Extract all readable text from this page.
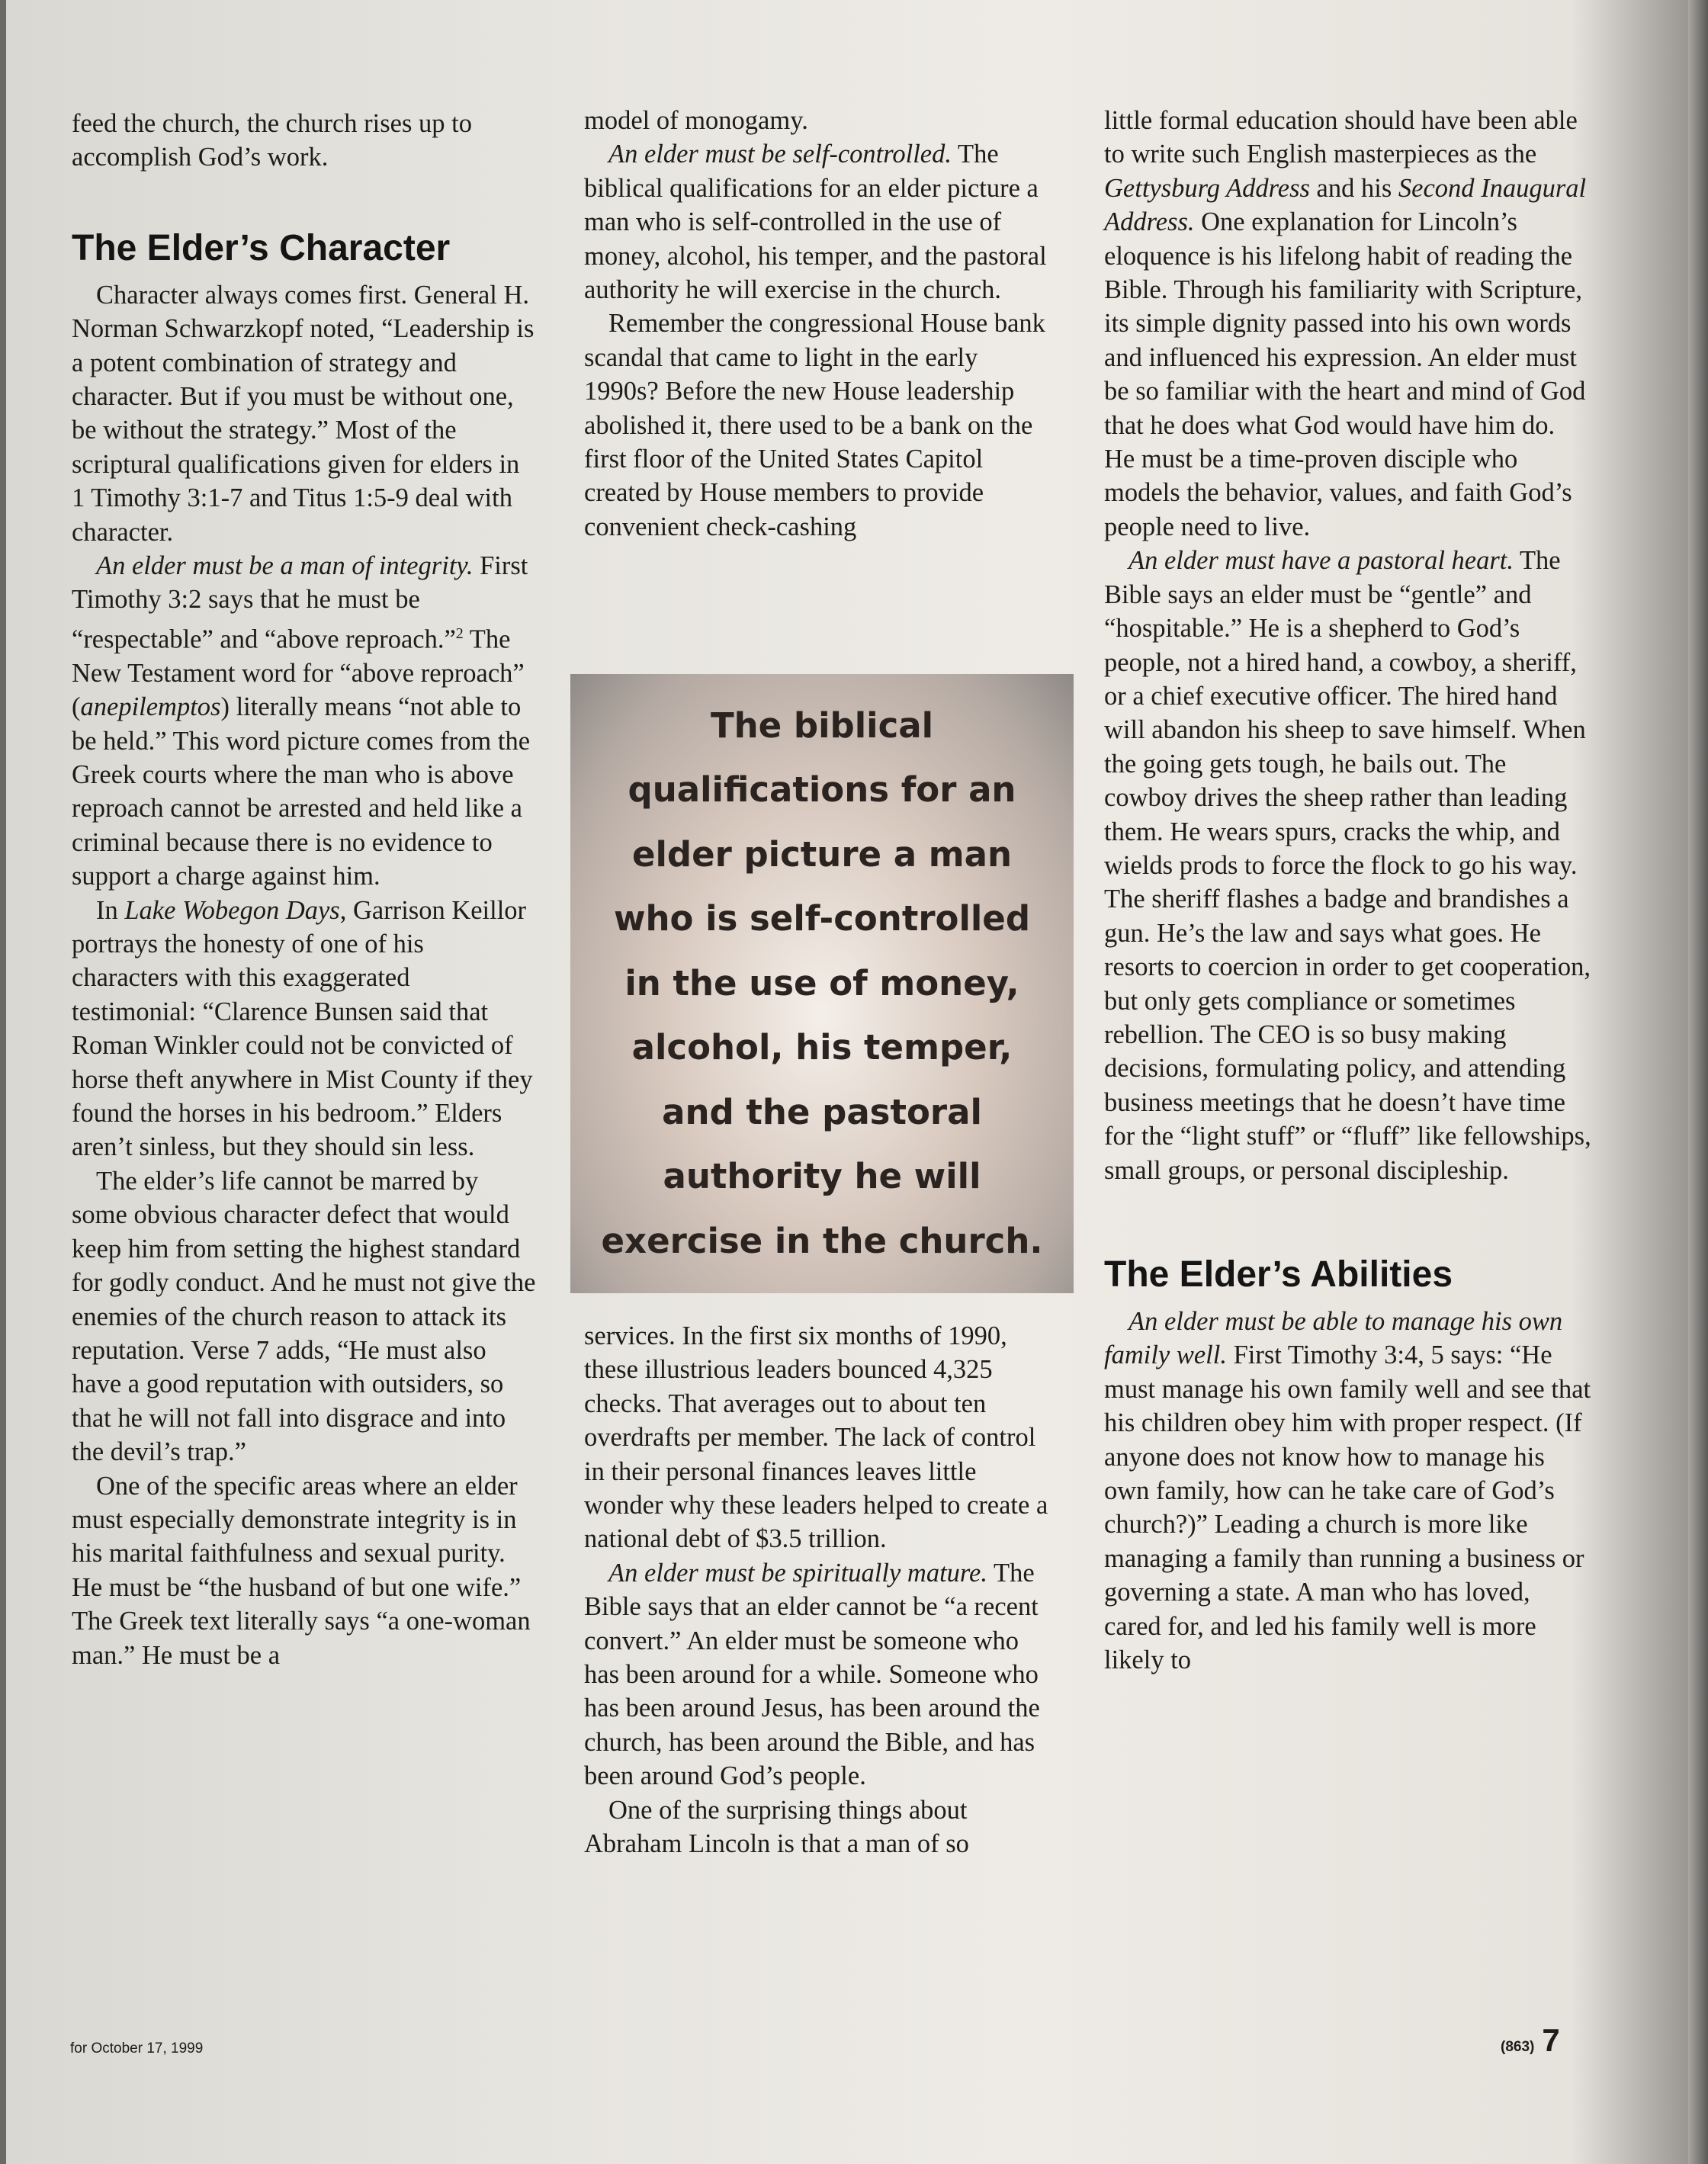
feed the church, the church rises up to accomplish God’s work.

The Elder’s Character

Character always comes first. General H. Norman Schwarzkopf noted, “Leadership is a potent combination of strategy and character. But if you must be without one, be without the strategy.” Most of the scriptural qualifications given for elders in 1 Timothy 3:1-7 and Titus 1:5-9 deal with character.

An elder must be a man of integrity. First Timothy 3:2 says that he must be “respectable” and “above reproach.”$^2$ The New Testament word for “above reproach” (anepilemptos) literally means “not able to be held.” This word picture comes from the Greek courts where the man who is above reproach cannot be arrested and held like a criminal because there is no evidence to support a charge against him.

In Lake Wobegon Days, Garrison Keillor portrays the honesty of one of his characters with this exaggerated testimonial: “Clarence Bunsen said that Roman Winkler could not be convicted of horse theft anywhere in Mist County if they found the horses in his bedroom.” Elders aren’t sinless, but they should sin less.

The elder’s life cannot be marred by some obvious character defect that would keep him from setting the highest standard for godly conduct. And he must not give the enemies of the church reason to attack its reputation. Verse 7 adds, “He must also have a good reputation with outsiders, so that he will not fall into disgrace and into the devil’s trap.”

One of the specific areas where an elder must especially demonstrate integrity is in his marital faithfulness and sexual purity. He must be “the husband of but one wife.” The Greek text literally says “a one-woman man.” He must be a

model of monogamy.

An elder must be self-controlled. The biblical qualifications for an elder picture a man who is self-controlled in the use of money, alcohol, his temper, and the pastoral authority he will exercise in the church.

Remember the congressional House bank scandal that came to light in the early 1990s? Before the new House leadership abolished it, there used to be a bank on the first floor of the United States Capitol created by House members to provide convenient check-cashing

The biblical qualifications for an elder picture a man who is self-controlled in the use of money, alcohol, his temper, and the pastoral authority he will exercise in the church.

services. In the first six months of 1990, these illustrious leaders bounced 4,325 checks. That averages out to about ten overdrafts per member. The lack of control in their personal finances leaves little wonder why these leaders helped to create a national debt of $3.5 trillion.

An elder must be spiritually mature. The Bible says that an elder cannot be “a recent convert.” An elder must be someone who has been around for a while. Someone who has been around Jesus, has been around the church, has been around the Bible, and has been around God’s people.

One of the surprising things about Abraham Lincoln is that a man of so

little formal education should have been able to write such English masterpieces as the Gettysburg Address and his Second Inaugural Address. One explanation for Lincoln’s eloquence is his lifelong habit of reading the Bible. Through his familiarity with Scripture, its simple dignity passed into his own words and influenced his expression. An elder must be so familiar with the heart and mind of God that he does what God would have him do. He must be a time-proven disciple who models the behavior, values, and faith God’s people need to live.

An elder must have a pastoral heart. The Bible says an elder must be “gentle” and “hospitable.” He is a shepherd to God’s people, not a hired hand, a cowboy, a sheriff, or a chief executive officer. The hired hand will abandon his sheep to save himself. When the going gets tough, he bails out. The cowboy drives the sheep rather than leading them. He wears spurs, cracks the whip, and wields prods to force the flock to go his way. The sheriff flashes a badge and brandishes a gun. He’s the law and says what goes. He resorts to coercion in order to get cooperation, but only gets compliance or sometimes rebellion. The CEO is so busy making decisions, formulating policy, and attending business meetings that he doesn’t have time for the “light stuff” or “fluff” like fellowships, small groups, or personal discipleship.

The Elder’s Abilities

An elder must be able to manage his own family well. First Timothy 3:4, 5 says: “He must manage his own family well and see that his children obey him with proper respect. (If anyone does not know how to manage his own family, how can he take care of God’s church?)” Leading a church is more like managing a family than running a business or governing a state. A man who has loved, cared for, and led his family well is more likely to

for October 17, 1999	(863) 7
